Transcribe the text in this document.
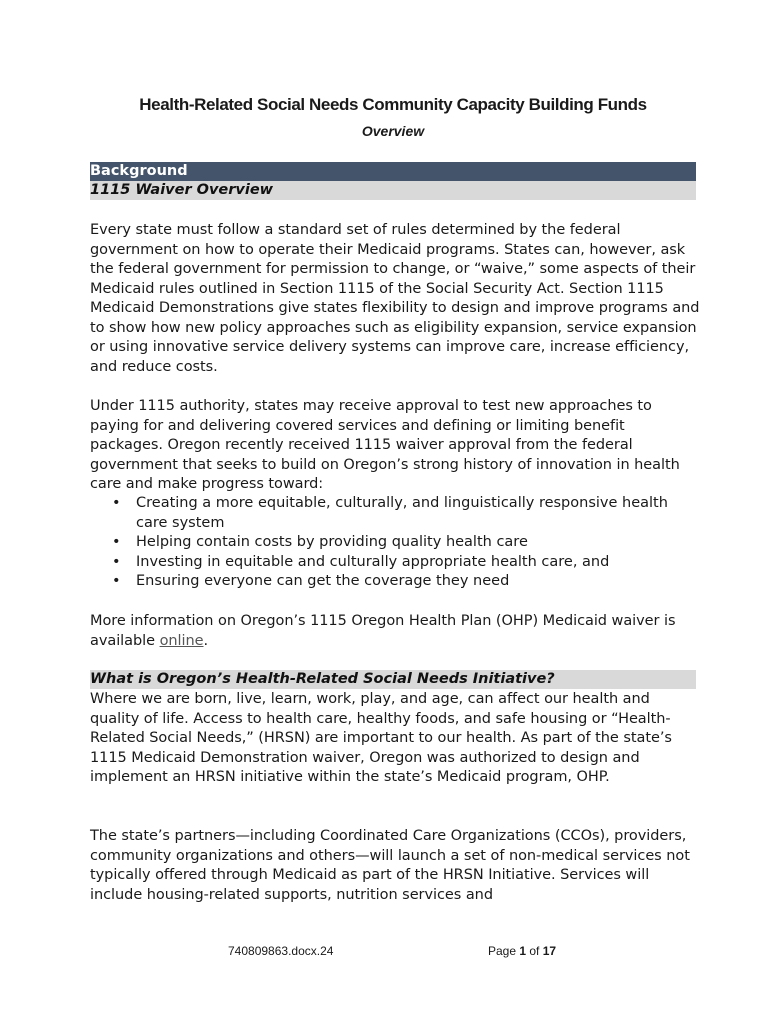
Health-Related Social Needs Community Capacity Building Funds
Overview
Background
1115 Waiver Overview

Every state must follow a standard set of rules determined by the federal government on how to operate their Medicaid programs. States can, however, ask the federal government for permission to change, or “waive,” some aspects of their Medicaid rules outlined in Section 1115 of the Social Security Act. Section 1115 Medicaid Demonstrations give states flexibility to design and improve programs and to show how new policy approaches such as eligibility expansion, service expansion or using innovative service delivery systems can improve care, increase efficiency, and reduce costs.

Under 1115 authority, states may receive approval to test new approaches to paying for and delivering covered services and defining or limiting benefit packages. Oregon recently received 1115 waiver approval from the federal government that seeks to build on Oregon’s strong history of innovation in health care and make progress toward:

• Creating a more equitable, culturally, and linguistically responsive health care system
• Helping contain costs by providing quality health care
• Investing in equitable and culturally appropriate health care, and
• Ensuring everyone can get the coverage they need

More information on Oregon’s 1115 Oregon Health Plan (OHP) Medicaid waiver is available online.

What is Oregon’s Health-Related Social Needs Initiative?

Where we are born, live, learn, work, play, and age, can affect our health and quality of life. Access to health care, healthy foods, and safe housing or “Health-Related Social Needs,” (HRSN) are important to our health. As part of the state’s 1115 Medicaid Demonstration waiver, Oregon was authorized to design and implement an HRSN initiative within the state’s Medicaid program, OHP.

The state’s partners—including Coordinated Care Organizations (CCOs), providers, community organizations and others—will launch a set of non-medical services not typically offered through Medicaid as part of the HRSN Initiative. Services will include housing-related supports, nutrition services and

740809863.docx.24	Page 1 of 17
